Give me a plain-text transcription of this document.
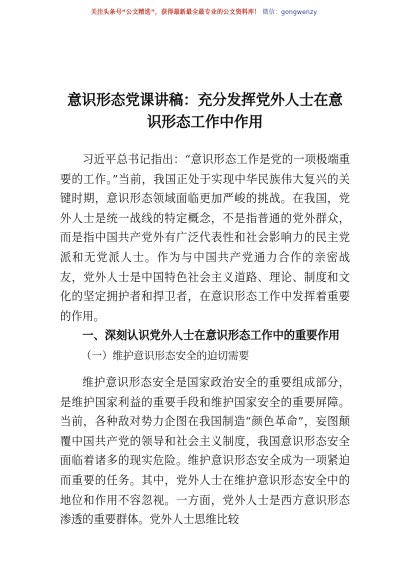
关注头条号“公文精选”，获得最新最全最专业的公文资料库！ 微信：gongwenzy
意识形态党课讲稿：充分发挥党外人士在意
识形态工作中作用

习近平总书记指出：“意识形态工作是党的一项极端重要的工作。”当前，我国正处于实现中华民族伟大复兴的关键时期，意识形态领域面临更加严峻的挑战。在我国，党外人士是统一战线的特定概念，不是指普通的党外群众，而是指中国共产党外有广泛代表性和社会影响力的民主党派和无党派人士。作为与中国共产党通力合作的亲密战友，党外人士是中国特色社会主义道路、理论、制度和文化的坚定拥护者和捍卫者，在意识形态工作中发挥着重要的作用。

一、深刻认识党外人士在意识形态工作中的重要作用
（一）维护意识形态安全的迫切需要

维护意识形态安全是国家政治安全的重要组成部分，是维护国家利益的重要手段和维护国家安全的重要屏障。当前，各种敌对势力企图在我国制造“颜色革命”，妄图颠覆中国共产党的领导和社会主义制度，我国意识形态安全面临着诸多的现实危险。维护意识形态安全成为一项紧迫而重要的任务。其中，党外人士在维护意识形态安全中的地位和作用不容忽视。一方面，党外人士是西方意识形态渗透的重要群体。党外人士思维比较
